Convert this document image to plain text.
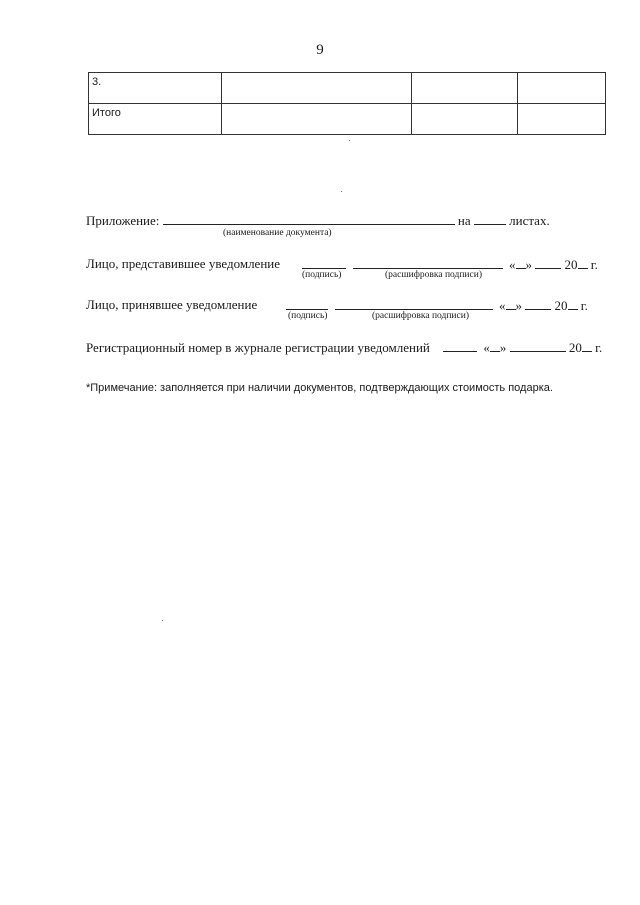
9
3.			
Итого			
Приложение:	на	листах.
(наименование документа)
Лицо, представившее уведомление	« »	20 г.
(подпись)	(расшифровка подписи)
Лицо, принявшее уведомление	« »	20 г.
(подпись)	(расшифровка подписи)
Регистрационный номер в журнале регистрации уведомлений	« »	20 г.
*Примечание: заполняется при наличии документов, подтверждающих стоимость подарка.
